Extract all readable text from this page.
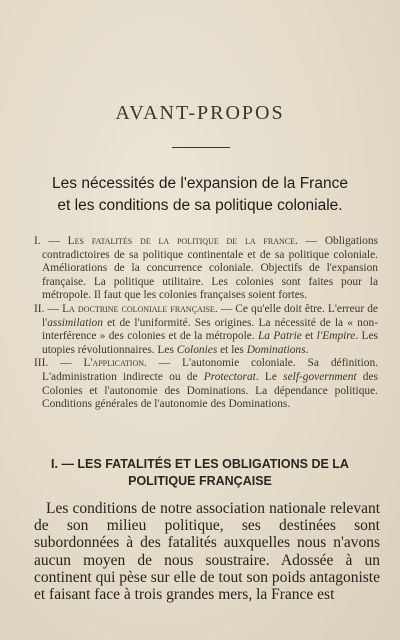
AVANT-PROPOS
Les nécessités de l'expansion de la France
et les conditions de sa politique coloniale.

I. — Les fatalités de la politique de la france. — Obligations contradictoires de sa politique continentale et de sa politique coloniale. Améliorations de la concurrence coloniale. Objectifs de l'expansion française. La politique utilitaire. Les colonies sont faites pour la métropole. Il faut que les colonies françaises soient fortes.

II. — La doctrine coloniale française. — Ce qu'elle doit être. L'erreur de l'assimilation et de l'uniformité. Ses origines. La nécessité de la « non-interférence » des colonies et de la métropole. La Patrie et l'Empire. Les utopies révolutionnaires. Les Colonies et les Dominations.

III. — L'application. — L'autonomie coloniale. Sa définition. L'administration indirecte ou de Protectorat. Le self-government des Colonies et l'autonomie des Dominations. La dépendance politique. Conditions générales de l'autonomie des Dominations.

I. — LES FATALITÉS ET LES OBLIGATIONS DE LA
POLITIQUE FRANÇAISE
Les conditions de notre association nationale relevant de son milieu politique, ses destinées sont subordonnées à des fatalités auxquelles nous n'avons aucun moyen de nous soustraire. Adossée à un continent qui pèse sur elle de tout son poids antagoniste et faisant face à trois grandes mers, la France est
